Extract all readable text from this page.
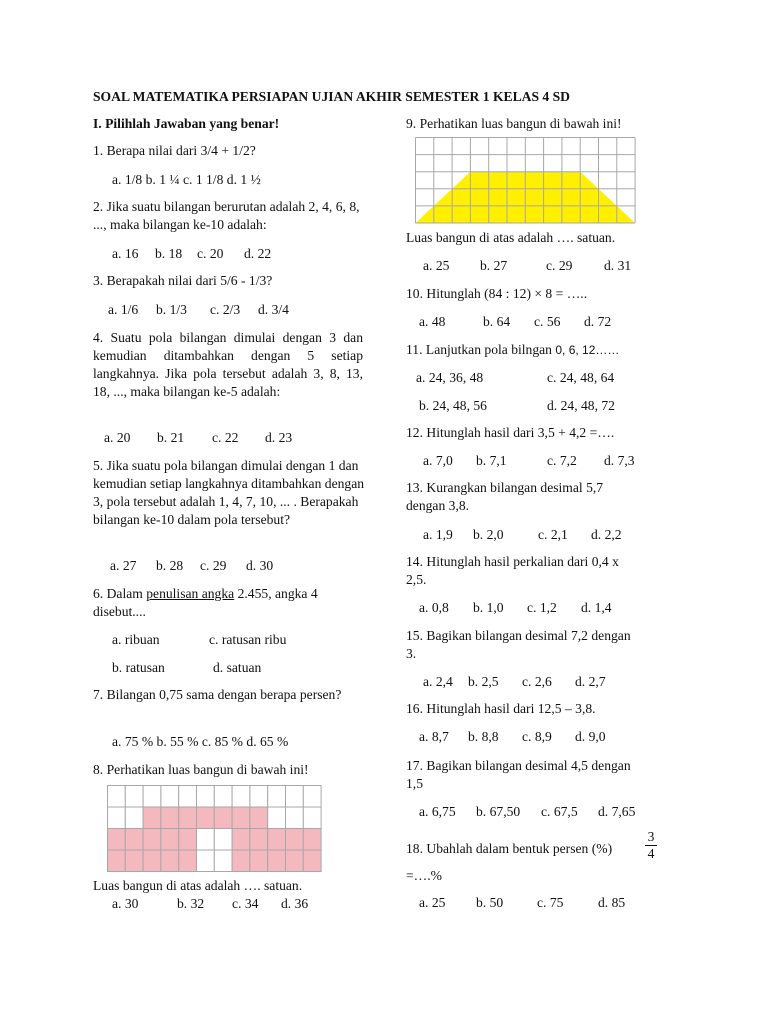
SOAL MATEMATIKA PERSIAPAN UJIAN AKHIR SEMESTER 1 KELAS 4 SD
I. Pilihlah Jawaban yang benar!
1. Berapa nilai dari 3/4 + 1/2?
a. 1/8 b. 1 ¼ c. 1 1/8 d. 1 ½
2. Jika suatu bilangan berurutan adalah 2, 4, 6, 8, ..., maka bilangan ke-10 adalah:
a. 16 b. 18 c. 20 d. 22
3. Berapakah nilai dari 5/6 - 1/3?
a. 1/6 b. 1/3 c. 2/3 d. 3/4
4. Suatu pola bilangan dimulai dengan 3 dan kemudian ditambahkan dengan 5 setiap langkahnya. Jika pola tersebut adalah 3, 8, 13, 18, ..., maka bilangan ke-5 adalah:
a. 20 b. 21 c. 22 d. 23
5. Jika suatu pola bilangan dimulai dengan 1 dan kemudian setiap langkahnya ditambahkan dengan 3, pola tersebut adalah 1, 4, 7, 10, ... . Berapakah bilangan ke-10 dalam pola tersebut?
a. 27 b. 28 c. 29 d. 30
6. Dalam penulisan angka 2.455, angka 4 disebut....
a. ribuan
b. ratusan
c. ratusan ribu
d. satuan
7. Bilangan 0,75 sama dengan berapa persen?
a. 75 % b. 55 % c. 85 % d. 65 %
8. Perhatikan luas bangun di bawah ini!
Luas bangun di atas adalah …. satuan.
a. 30	b. 32 c. 34 d. 36
9. Perhatikan luas bangun di bawah ini!
Luas bangun di atas adalah …. satuan.
a. 25 b. 27	c. 29 d. 31
10. Hitunglah (84 : 12) × 8 = …..
a. 48	b. 64 c. 56 d. 72
11. Lanjutkan pola bilngan 0, 6, 12……
a. 24, 36, 48
b. 24, 48, 56
c. 24, 48, 64
d. 24, 48, 72
12. Hitunglah hasil dari 3,5 + 4,2 =….
a. 7,0 b. 7,1	c. 7,2 d. 7,3
13. Kurangkan bilangan desimal 5,7
dengan 3,8.
a. 1,9 b. 2,0	c. 2,1 d. 2,2
14. Hitunglah hasil perkalian dari 0,4 x
2,5.
a. 0,8 b. 1,0 c. 1,2 d. 1,4
15. Bagikan bilangan desimal 7,2 dengan
3.
a. 2,4 b. 2,5 c. 2,6 d. 2,7
16. Hitunglah hasil dari 12,5 – 3,8.
a. 8,7 b. 8,8 c. 8,9 d. 9,0
17. Bagikan bilangan desimal 4,5 dengan
1,5
a. 6,75 b. 67,50 c. 67,5 d. 7,65
18. Ubahlah dalam bentuk persen (%)
3
4
=….%
a. 25 b. 50 c. 75	d. 85
